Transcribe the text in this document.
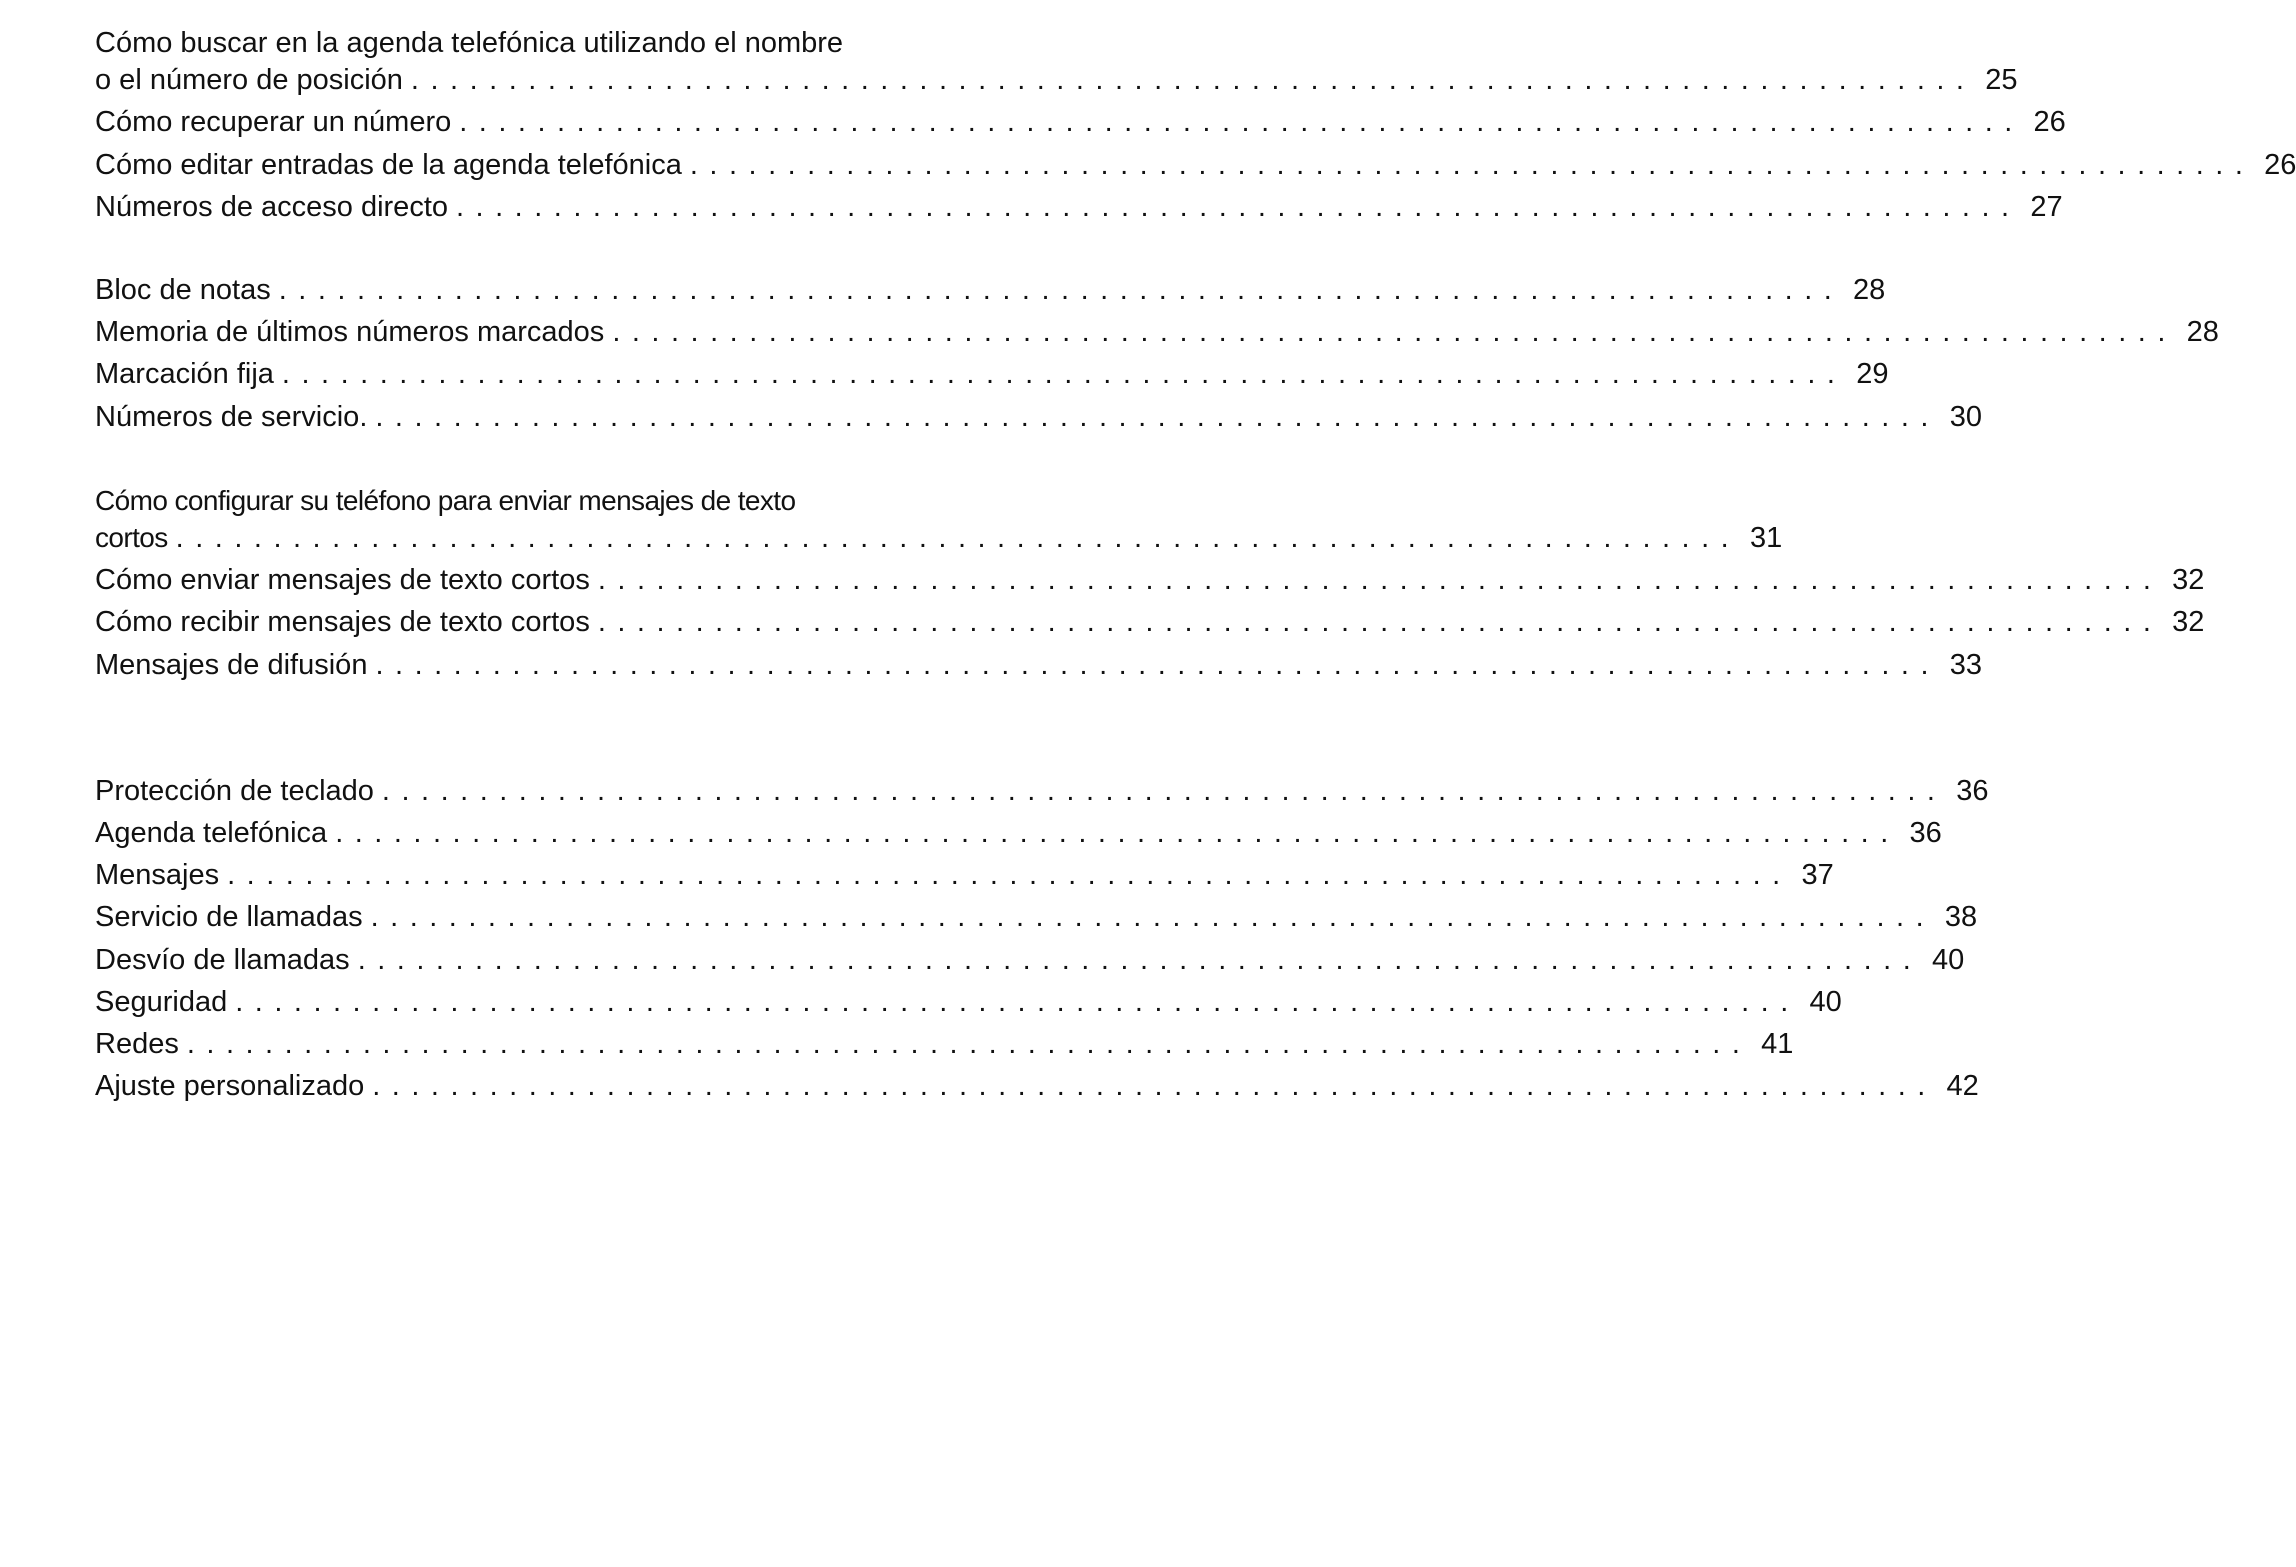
Cómo buscar en la agenda telefónica utilizando el nombre
o el número de posición ................................................................................ 25
Cómo recuperar un número ................................................................................ 26
Cómo editar entradas de la agenda telefónica ................................................................................ 26
Números de acceso directo ................................................................................ 27
Bloc de notas ................................................................................ 28
Memoria de últimos números marcados ................................................................................ 28
Marcación fija ................................................................................ 29
Números de servicio. ................................................................................ 30
Cómo configurar su teléfono para enviar mensajes de texto
cortos ................................................................................ 31
Cómo enviar mensajes de texto cortos ................................................................................ 32
Cómo recibir mensajes de texto cortos ................................................................................ 32
Mensajes de difusión ................................................................................ 33
Protección de teclado ................................................................................ 36
Agenda telefónica ................................................................................ 36
Mensajes ................................................................................ 37
Servicio de llamadas ................................................................................ 38
Desvío de llamadas ................................................................................ 40
Seguridad ................................................................................ 40
Redes ................................................................................ 41
Ajuste personalizado ................................................................................ 42
